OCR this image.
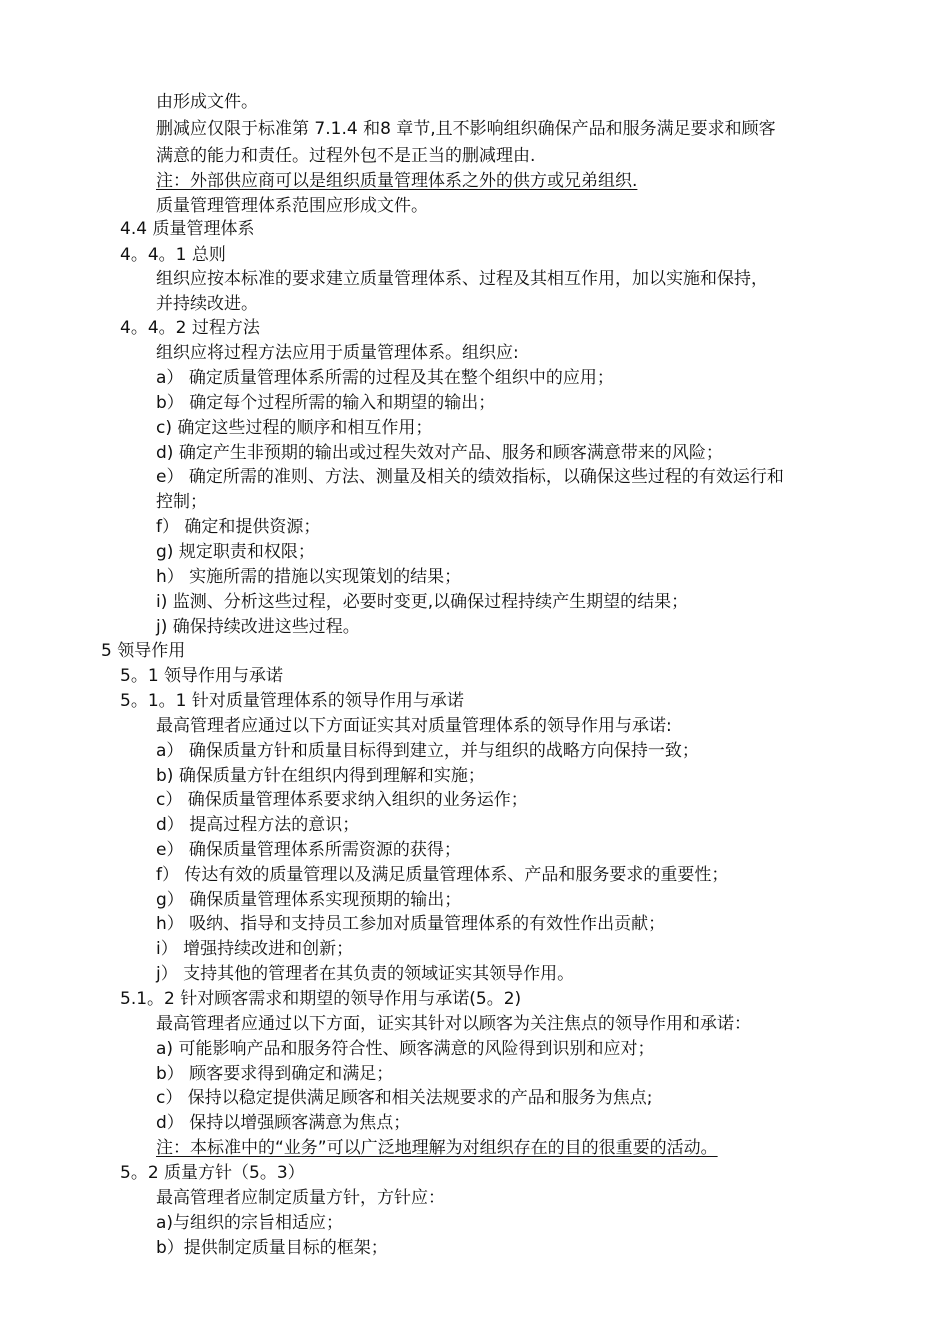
由形成文件。
删减应仅限于标准第 7.1.4 和8 章节,且不影响组织确保产品和服务满足要求和顾客
满意的能力和责任。过程外包不是正当的删减理由.
注：外部供应商可以是组织质量管理体系之外的供方或兄弟组织.
质量管理管理体系范围应形成文件。
4.4 质量管理体系
4。4。1 总则
组织应按本标准的要求建立质量管理体系、过程及其相互作用，加以实施和保持，
并持续改进。
4。4。2 过程方法
组织应将过程方法应用于质量管理体系。组织应:
a） 确定质量管理体系所需的过程及其在整个组织中的应用；
b） 确定每个过程所需的输入和期望的输出；
c) 确定这些过程的顺序和相互作用；
d) 确定产生非预期的输出或过程失效对产品、服务和顾客满意带来的风险；
e） 确定所需的准则、方法、测量及相关的绩效指标，以确保这些过程的有效运行和
控制；
f） 确定和提供资源；
g) 规定职责和权限；
h） 实施所需的措施以实现策划的结果；
i) 监测、分析这些过程，必要时变更,以确保过程持续产生期望的结果；
j) 确保持续改进这些过程。
5 领导作用
5。1 领导作用与承诺
5。1。1 针对质量管理体系的领导作用与承诺
最高管理者应通过以下方面证实其对质量管理体系的领导作用与承诺:
a） 确保质量方针和质量目标得到建立，并与组织的战略方向保持一致；
b) 确保质量方针在组织内得到理解和实施；
c） 确保质量管理体系要求纳入组织的业务运作；
d） 提高过程方法的意识；
e） 确保质量管理体系所需资源的获得；
f） 传达有效的质量管理以及满足质量管理体系、产品和服务要求的重要性；
g） 确保质量管理体系实现预期的输出；
h） 吸纳、指导和支持员工参加对质量管理体系的有效性作出贡献；
i） 增强持续改进和创新；
j） 支持其他的管理者在其负责的领域证实其领导作用。
5.1。2 针对顾客需求和期望的领导作用与承诺(5。2)
最高管理者应通过以下方面，证实其针对以顾客为关注焦点的领导作用和承诺：
a) 可能影响产品和服务符合性、顾客满意的风险得到识别和应对；
b） 顾客要求得到确定和满足；
c） 保持以稳定提供满足顾客和相关法规要求的产品和服务为焦点;
d） 保持以增强顾客满意为焦点；
注：本标准中的“业务”可以广泛地理解为对组织存在的目的很重要的活动。
5。2 质量方针（5。3）
最高管理者应制定质量方针，方针应：
a)与组织的宗旨相适应；
b）提供制定质量目标的框架；
